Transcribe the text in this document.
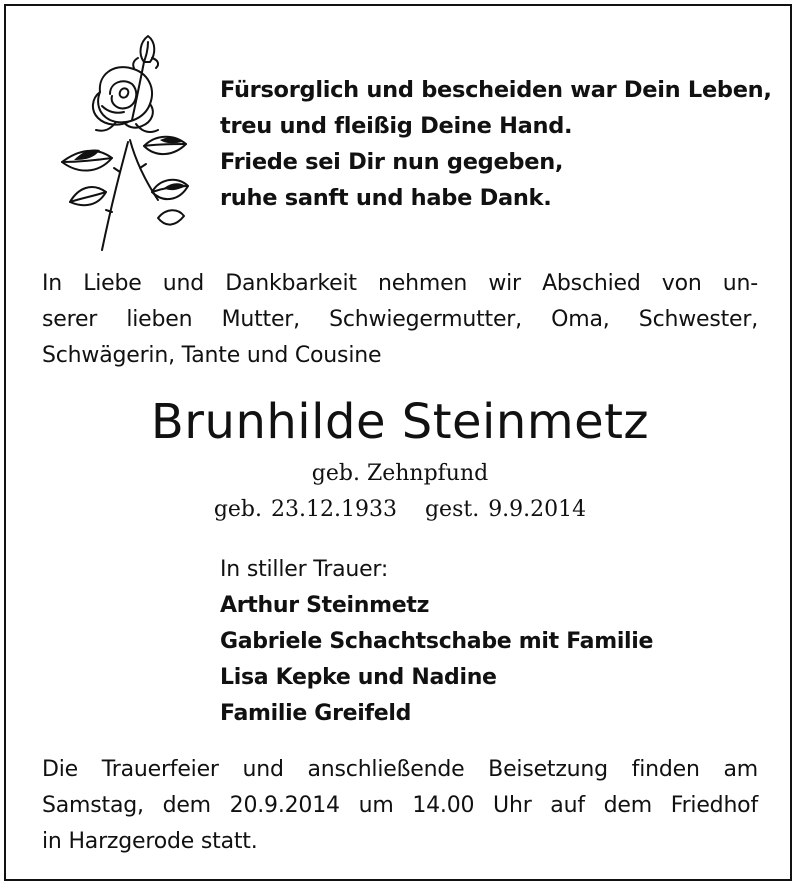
Fürsorglich und bescheiden war Dein Leben,
treu und fleißig Deine Hand.
Friede sei Dir nun gegeben,
ruhe sanft und habe Dank.
In Liebe und Dankbarkeit nehmen wir Abschied von un-
serer lieben Mutter, Schwiegermutter, Oma, Schwester,
Schwägerin, Tante und Cousine
Brunhilde Steinmetz
geb. Zehnpfund
geb. 23.12.1933 gest. 9.9.2014
In stiller Trauer:
Arthur Steinmetz
Gabriele Schachtschabe mit Familie
Lisa Kepke und Nadine
Familie Greifeld
Die Trauerfeier und anschließende Beisetzung finden am
Samstag, dem 20.9.2014 um 14.00 Uhr auf dem Friedhof
in Harzgerode statt.
